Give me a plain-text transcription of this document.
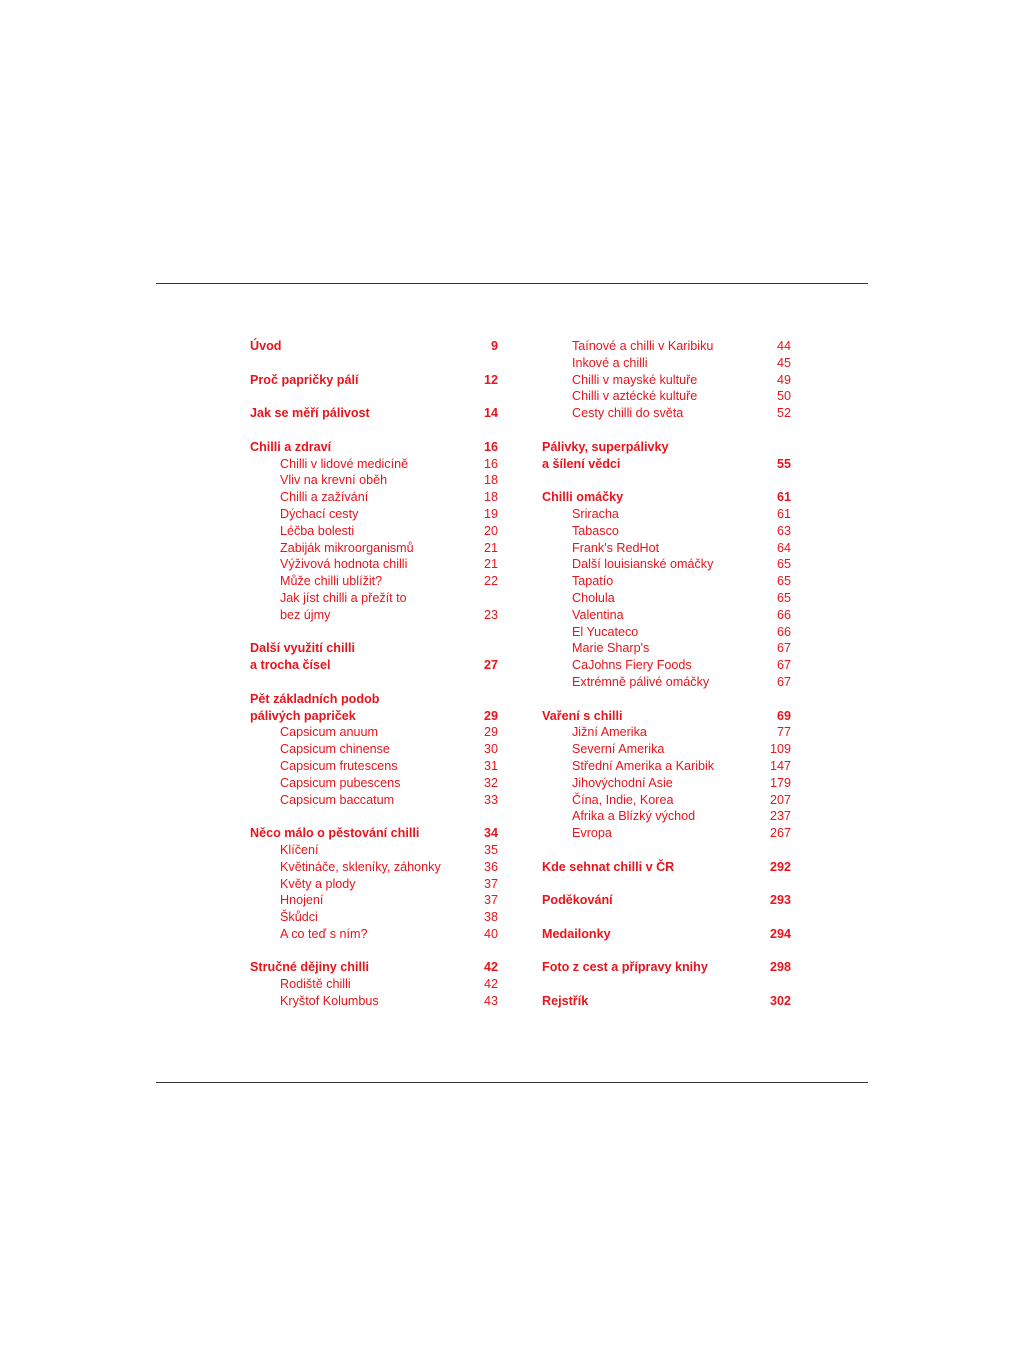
Úvod	9
Proč papričky pálí	12
Jak se měří pálivost	14
Chilli a zdraví	16
Chilli v lidové medicíně	16
Vliv na krevní oběh	18
Chilli a zažívání	18
Dýchací cesty	19
Léčba bolesti	20
Zabiják mikroorganismů	21
Výživová hodnota chilli	21
Může chilli ublížit?	22
Jak jíst chilli a přežít to
bez újmy	23
Další využití chilli
a trocha čísel	27
Pět základních podob
pálivých papriček	29
Capsicum anuum	29
Capsicum chinense	30
Capsicum frutescens	31
Capsicum pubescens	32
Capsicum baccatum	33
Něco málo o pěstování chilli	34
Klíčení	35
Květináče, skleníky, záhonky	36
Květy a plody	37
Hnojení	37
Škůdci	38
A co teď s ním?	40
Stručné dějiny chilli	42
Rodiště chilli	42
Kryštof Kolumbus	43
Taínové a chilli v Karibiku	44
Inkové a chilli	45
Chilli v mayské kultuře	49
Chilli v aztécké kultuře	50
Cesty chilli do světa	52
Pálivky, superpálivky
a šílení vědci	55
Chilli omáčky	61
Sriracha	61
Tabasco	63
Frank's RedHot	64
Další louisianské omáčky	65
Tapatío	65
Cholula	65
Valentina	66
El Yucateco	66
Marie Sharp's	67
CaJohns Fiery Foods	67
Extrémně pálivé omáčky	67
Vaření s chilli	69
Jižní Amerika	77
Severní Amerika	109
Střední Amerika a Karibik	147
Jihovýchodní Asie	179
Čína, Indie, Korea	207
Afrika a Blízký východ	237
Evropa	267
Kde sehnat chilli v ČR	292
Poděkování	293
Medailonky	294
Foto z cest a přípravy knihy	298
Rejstřík	302
